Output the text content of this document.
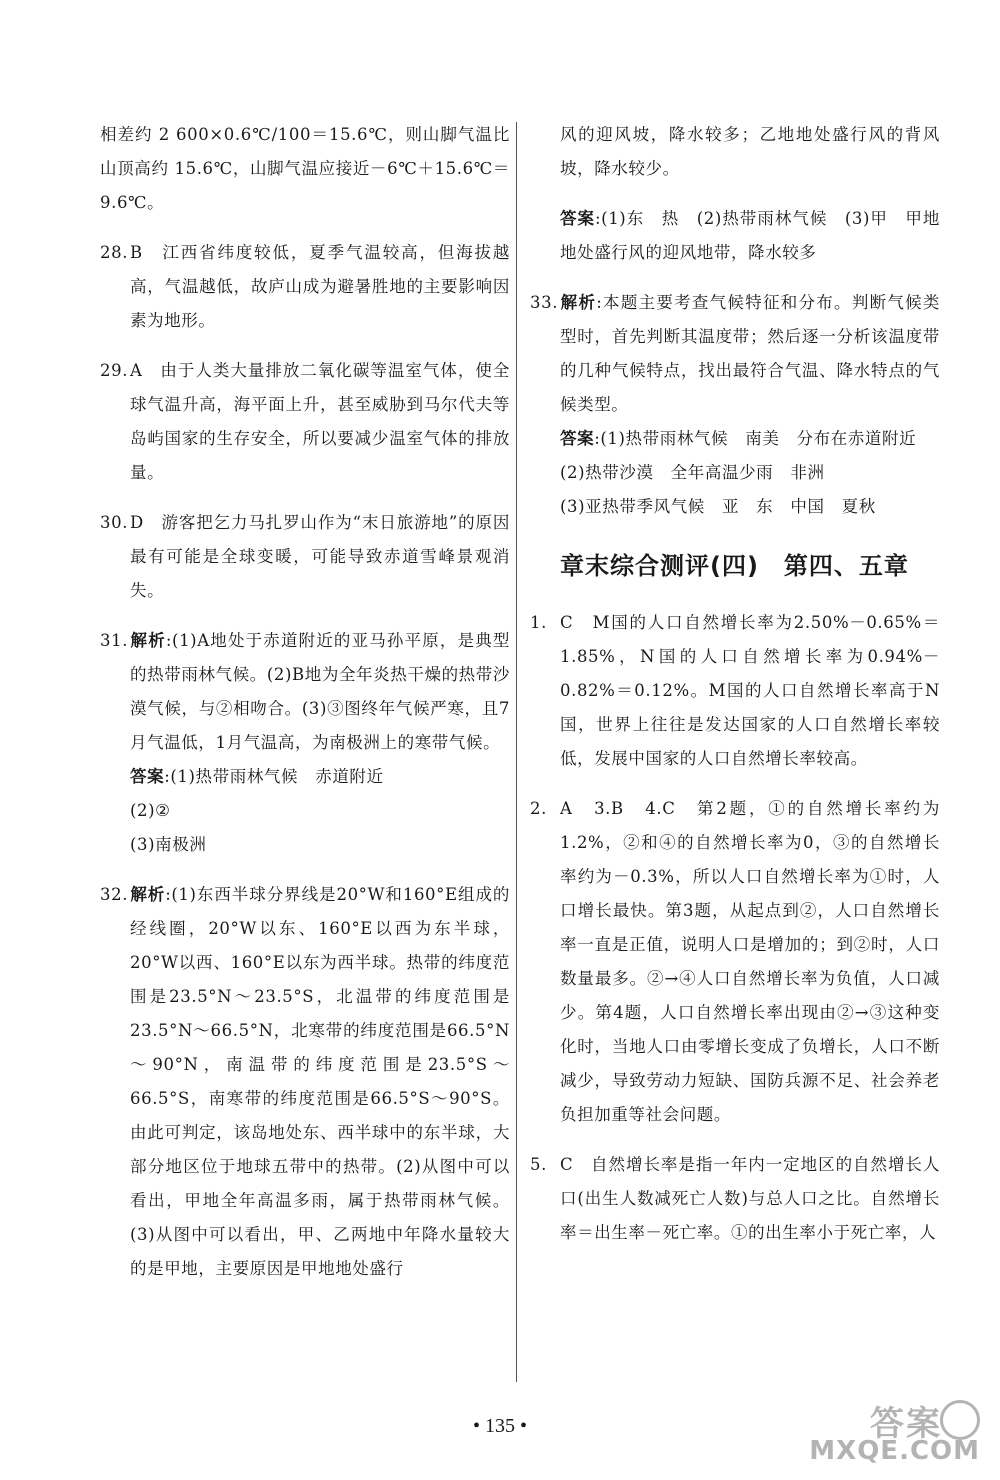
相差约 2 600×0.6℃/100＝15.6℃，则山脚气温比山顶高约 15.6℃，山脚气温应接近－6℃＋15.6℃＝9.6℃。

28. B　江西省纬度较低，夏季气温较高，但海拔越高，气温越低，故庐山成为避暑胜地的主要影响因素为地形。

29. A　由于人类大量排放二氧化碳等温室气体，使全球气温升高，海平面上升，甚至威胁到马尔代夫等岛屿国家的生存安全，所以要减少温室气体的排放量。

30. D　游客把乞力马扎罗山作为“末日旅游地”的原因最有可能是全球变暖，可能导致赤道雪峰景观消失。

31. 解析:(1)A地处于赤道附近的亚马孙平原，是典型的热带雨林气候。(2)B地为全年炎热干燥的热带沙漠气候，与②相吻合。(3)③图终年气候严寒，且7月气温低，1月气温高，为南极洲上的寒带气候。

答案:(1)热带雨林气候　赤道附近

(2)②

(3)南极洲

32. 解析:(1)东西半球分界线是20°W和160°E组成的经线圈，20°W以东、160°E以西为东半球，20°W以西、160°E以东为西半球。热带的纬度范围是23.5°N～23.5°S，北温带的纬度范围是23.5°N～66.5°N，北寒带的纬度范围是66.5°N～90°N，南温带的纬度范围是23.5°S～66.5°S，南寒带的纬度范围是66.5°S～90°S。由此可判定，该岛地处东、西半球中的东半球，大部分地区位于地球五带中的热带。(2)从图中可以看出，甲地全年高温多雨，属于热带雨林气候。(3)从图中可以看出，甲、乙两地中年降水量较大的是甲地，主要原因是甲地地处盛行

风的迎风坡，降水较多；乙地地处盛行风的背风坡，降水较少。

答案:(1)东　热　(2)热带雨林气候　(3)甲　甲地地处盛行风的迎风地带，降水较多

33. 解析:本题主要考查气候特征和分布。判断气候类型时，首先判断其温度带；然后逐一分析该温度带的几种气候特点，找出最符合气温、降水特点的气候类型。

答案:(1)热带雨林气候　南美　分布在赤道附近

(2)热带沙漠　全年高温少雨　非洲

(3)亚热带季风气候　亚　东　中国　夏秋

章末综合测评(四)　第四、五章

1. C　M国的人口自然增长率为2.50%－0.65%＝1.85%，N国的人口自然增长率为0.94%－0.82%＝0.12%。M国的人口自然增长率高于N国，世界上往往是发达国家的人口自然增长率较低，发展中国家的人口自然增长率较高。

2. A　3.B　4.C　第2题，①的自然增长率约为1.2%，②和④的自然增长率为0，③的自然增长率约为－0.3%，所以人口自然增长率为①时，人口增长最快。第3题，从起点到②，人口自然增长率一直是正值，说明人口是增加的；到②时，人口数量最多。②→④人口自然增长率为负值，人口减少。第4题，人口自然增长率出现由②→③这种变化时，当地人口由零增长变成了负增长，人口不断减少，导致劳动力短缺、国防兵源不足、社会养老负担加重等社会问题。

5. C　自然增长率是指一年内一定地区的自然增长人口(出生人数减死亡人数)与总人口之比。自然增长率＝出生率－死亡率。①的出生率小于死亡率，人

• 135 •	答案
MXQE.COM
